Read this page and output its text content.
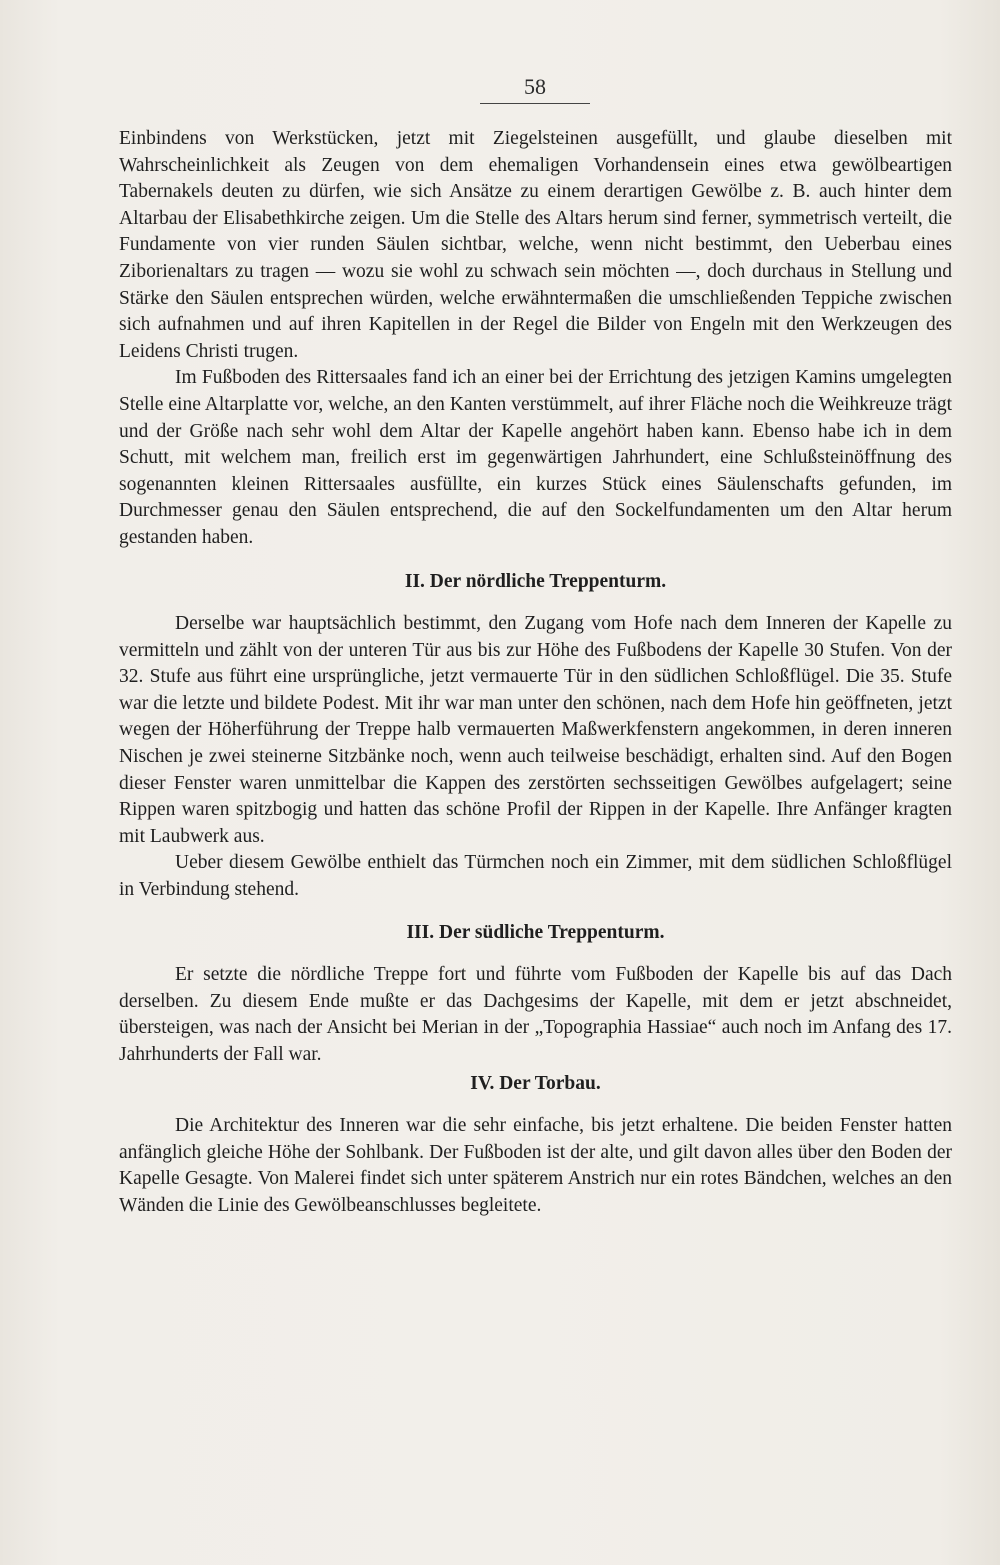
58

Einbindens von Werkstücken, jetzt mit Ziegelsteinen ausgefüllt, und glaube dieselben mit Wahrscheinlichkeit als Zeugen von dem ehemaligen Vorhandensein eines etwa gewölbeartigen Tabernakels deuten zu dürfen, wie sich Ansätze zu einem derartigen Gewölbe z. B. auch hinter dem Altarbau der Elisabethkirche zeigen. Um die Stelle des Altars herum sind ferner, symmetrisch verteilt, die Fundamente von vier runden Säulen sichtbar, welche, wenn nicht bestimmt, den Ueberbau eines Ziborienaltars zu tragen — wozu sie wohl zu schwach sein möchten —, doch durchaus in Stellung und Stärke den Säulen entsprechen würden, welche erwähntermaßen die umschließenden Teppiche zwischen sich aufnahmen und auf ihren Kapitellen in der Regel die Bilder von Engeln mit den Werkzeugen des Leidens Christi trugen.

Im Fußboden des Rittersaales fand ich an einer bei der Errichtung des jetzigen Kamins umgelegten Stelle eine Altarplatte vor, welche, an den Kanten verstümmelt, auf ihrer Fläche noch die Weihkreuze trägt und der Größe nach sehr wohl dem Altar der Kapelle angehört haben kann. Ebenso habe ich in dem Schutt, mit welchem man, freilich erst im gegenwärtigen Jahrhundert, eine Schlußsteinöffnung des sogenannten kleinen Rittersaales ausfüllte, ein kurzes Stück eines Säulenschafts gefunden, im Durchmesser genau den Säulen entsprechend, die auf den Sockelfundamenten um den Altar herum gestanden haben.

II. Der nördliche Treppenturm.

Derselbe war hauptsächlich bestimmt, den Zugang vom Hofe nach dem Inneren der Kapelle zu vermitteln und zählt von der unteren Tür aus bis zur Höhe des Fußbodens der Kapelle 30 Stufen. Von der 32. Stufe aus führt eine ursprüngliche, jetzt vermauerte Tür in den südlichen Schloßflügel. Die 35. Stufe war die letzte und bildete Podest. Mit ihr war man unter den schönen, nach dem Hofe hin geöffneten, jetzt wegen der Höherführung der Treppe halb vermauerten Maßwerkfenstern angekommen, in deren inneren Nischen je zwei steinerne Sitzbänke noch, wenn auch teilweise beschädigt, erhalten sind. Auf den Bogen dieser Fenster waren unmittelbar die Kappen des zerstörten sechsseitigen Gewölbes aufgelagert; seine Rippen waren spitzbogig und hatten das schöne Profil der Rippen in der Kapelle. Ihre Anfänger kragten mit Laubwerk aus.

Ueber diesem Gewölbe enthielt das Türmchen noch ein Zimmer, mit dem südlichen Schloßflügel in Verbindung stehend.

III. Der südliche Treppenturm.

Er setzte die nördliche Treppe fort und führte vom Fußboden der Kapelle bis auf das Dach derselben. Zu diesem Ende mußte er das Dachgesims der Kapelle, mit dem er jetzt abschneidet, übersteigen, was nach der Ansicht bei Merian in der „Topographia Hassiae“ auch noch im Anfang des 17. Jahrhunderts der Fall war.

IV. Der Torbau.

Die Architektur des Inneren war die sehr einfache, bis jetzt erhaltene. Die beiden Fenster hatten anfänglich gleiche Höhe der Sohlbank. Der Fußboden ist der alte, und gilt davon alles über den Boden der Kapelle Gesagte. Von Malerei findet sich unter späterem Anstrich nur ein rotes Bändchen, welches an den Wänden die Linie des Gewölbeanschlusses begleitete.
